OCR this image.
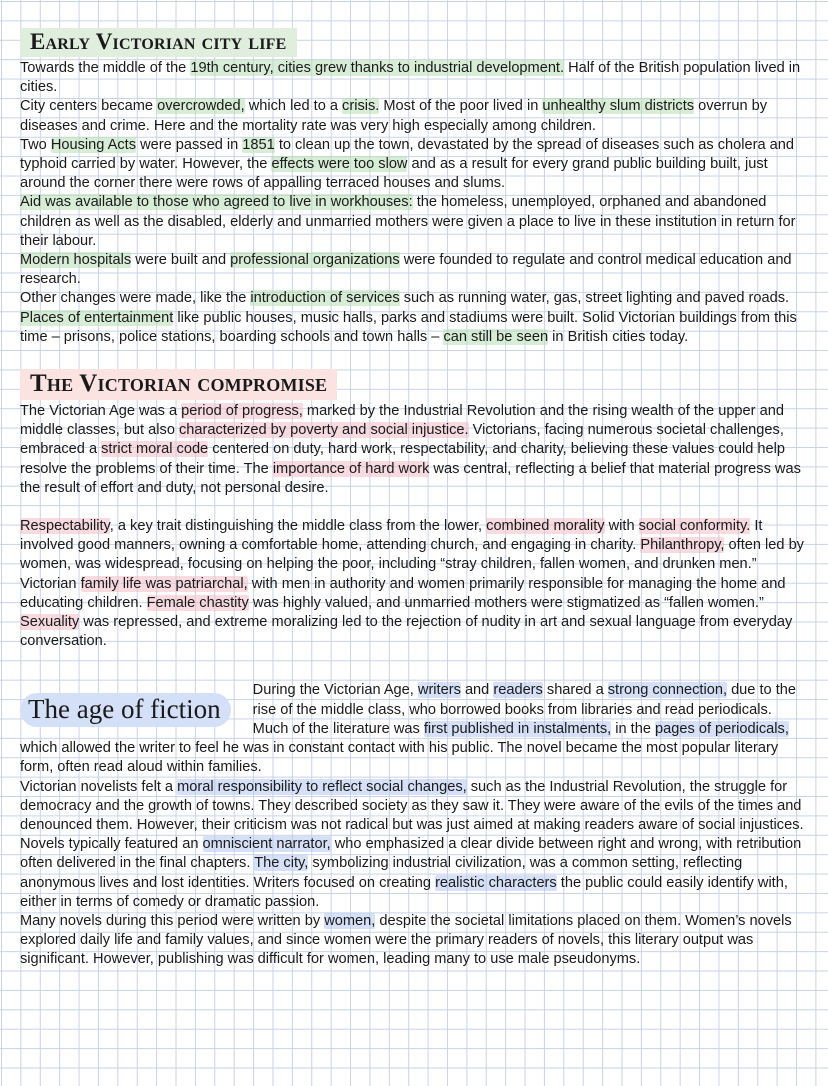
Early Victorian city life

Towards the middle of the 19th century, cities grew thanks to industrial development. Half of the British population lived in cities.

City centers became overcrowded, which led to a crisis. Most of the poor lived in unhealthy slum districts overrun by diseases and crime. Here and the mortality rate was very high especially among children.

Two Housing Acts were passed in 1851 to clean up the town, devastated by the spread of diseases such as cholera and typhoid carried by water. However, the effects were too slow and as a result for every grand public building built, just around the corner there were rows of appalling terraced houses and slums.

Aid was available to those who agreed to live in workhouses: the homeless, unemployed, orphaned and abandoned children as well as the disabled, elderly and unmarried mothers were given a place to live in these institution in return for their labour.

Modern hospitals were built and professional organizations were founded to regulate and control medical education and research.

Other changes were made, like the introduction of services such as running water, gas, street lighting and paved roads. Places of entertainment like public houses, music halls, parks and stadiums were built. Solid Victorian buildings from this time – prisons, police stations, boarding schools and town halls – can still be seen in British cities today.

The Victorian compromise

The Victorian Age was a period of progress, marked by the Industrial Revolution and the rising wealth of the upper and middle classes, but also characterized by poverty and social injustice. Victorians, facing numerous societal challenges, embraced a strict moral code centered on duty, hard work, respectability, and charity, believing these values could help resolve the problems of their time. The importance of hard work was central, reflecting a belief that material progress was the result of effort and duty, not personal desire.

Respectability, a key trait distinguishing the middle class from the lower, combined morality with social conformity. It involved good manners, owning a comfortable home, attending church, and engaging in charity. Philanthropy, often led by women, was widespread, focusing on helping the poor, including “stray children, fallen women, and drunken men.” Victorian family life was patriarchal, with men in authority and women primarily responsible for managing the home and educating children. Female chastity was highly valued, and unmarried mothers were stigmatized as “fallen women.” Sexuality was repressed, and extreme moralizing led to the rejection of nudity in art and sexual language from everyday conversation.

The age of fiction

During the Victorian Age, writers and readers shared a strong connection, due to the rise of the middle class, who borrowed books from libraries and read periodicals. Much of the literature was first published in instalments, in the pages of periodicals, which allowed the writer to feel he was in constant contact with his public. The novel became the most popular literary form, often read aloud within families.

Victorian novelists felt a moral responsibility to reflect social changes, such as the Industrial Revolution, the struggle for democracy and the growth of towns. They described society as they saw it. They were aware of the evils of the times and denounced them. However, their criticism was not radical but was just aimed at making readers aware of social injustices.

Novels typically featured an omniscient narrator, who emphasized a clear divide between right and wrong, with retribution often delivered in the final chapters. The city, symbolizing industrial civilization, was a common setting, reflecting anonymous lives and lost identities. Writers focused on creating realistic characters the public could easily identify with, either in terms of comedy or dramatic passion.

Many novels during this period were written by women, despite the societal limitations placed on them. Women’s novels explored daily life and family values, and since women were the primary readers of novels, this literary output was significant. However, publishing was difficult for women, leading many to use male pseudonyms.
